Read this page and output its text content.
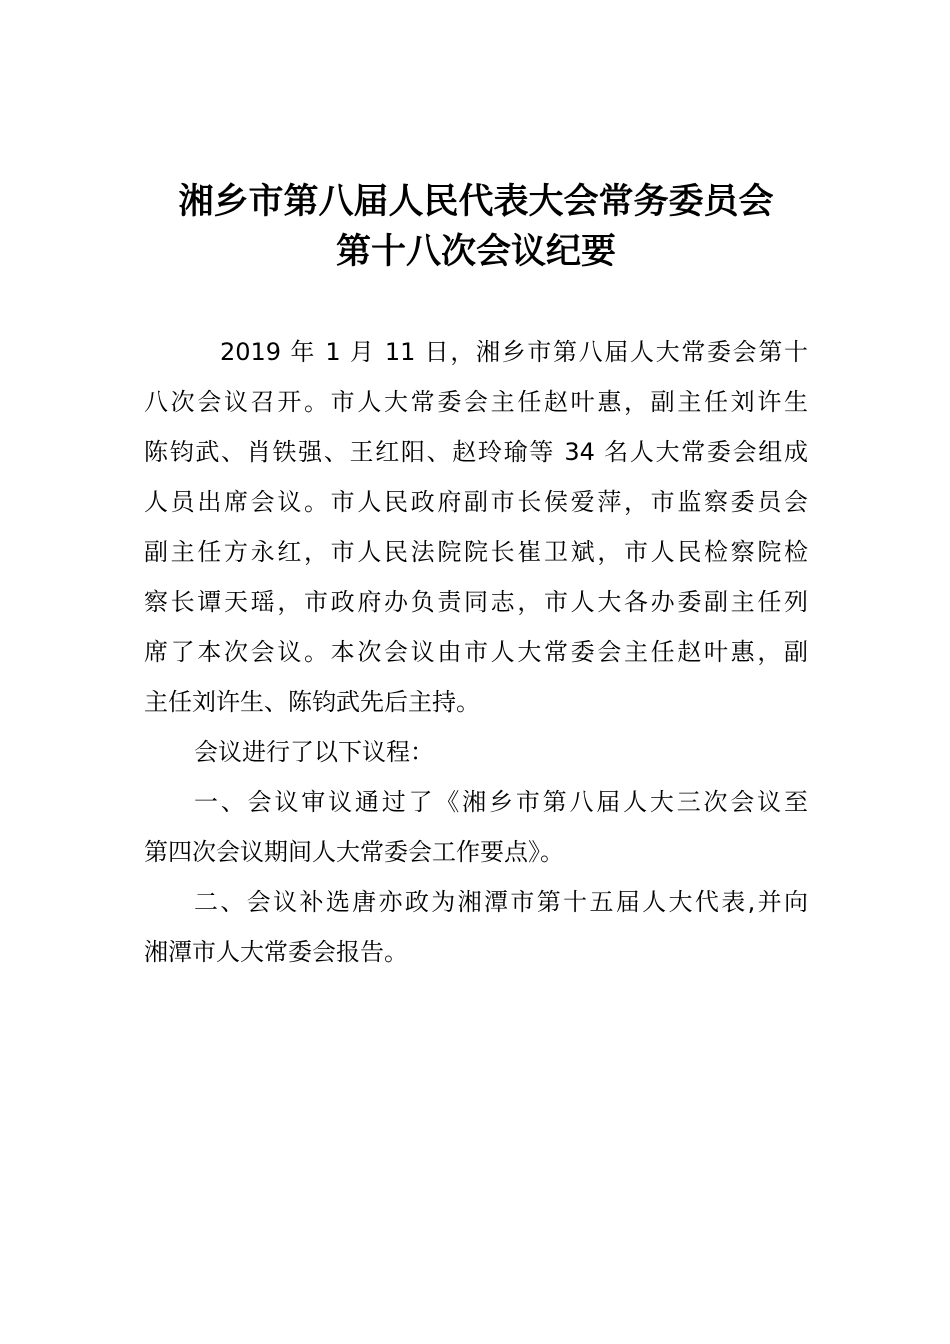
湘乡市第八届人民代表大会常务委员会
第十八次会议纪要
2019 年 1 月 11 日，湘乡市第八届人大常委会第十
八次会议召开。市人大常委会主任赵叶惠，副主任刘许生
陈钧武、肖铁强、王红阳、赵玲瑜等 34 名人大常委会组成
人员出席会议。市人民政府副市长侯爱萍，市监察委员会
副主任方永红，市人民法院院长崔卫斌，市人民检察院检
察长谭天瑶，市政府办负责同志，市人大各办委副主任列
席了本次会议。本次会议由市人大常委会主任赵叶惠，副
主任刘许生、陈钧武先后主持。
会议进行了以下议程：
一、会议审议通过了《湘乡市第八届人大三次会议至
第四次会议期间人大常委会工作要点》。
二、会议补选唐亦政为湘潭市第十五届人大代表,并向
湘潭市人大常委会报告。
